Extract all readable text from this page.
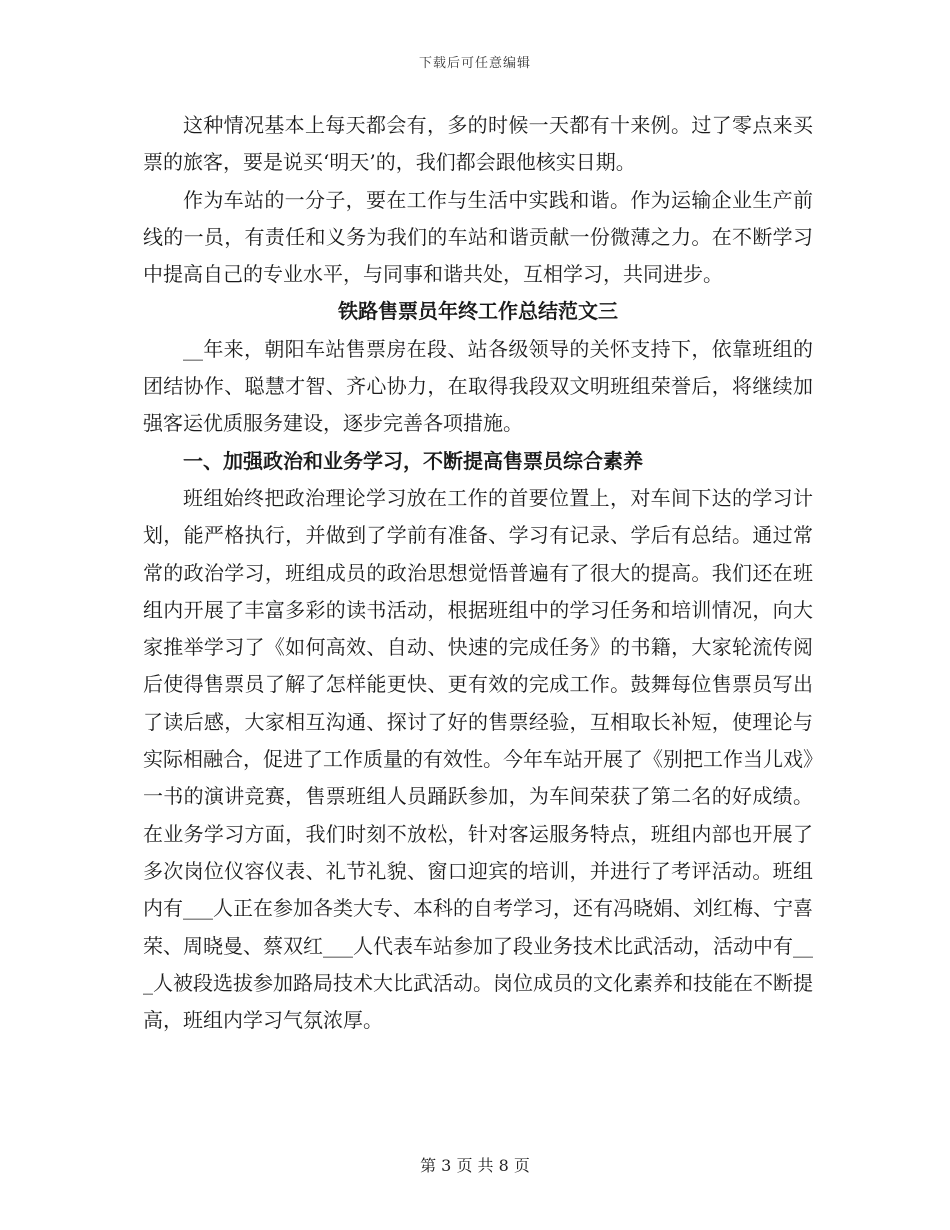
下载后可任意编辑

这种情况基本上每天都会有，多的时候一天都有十来例。过了零点来买票的旅客，要是说买‘明天’的，我们都会跟他核实日期。

作为车站的一分子，要在工作与生活中实践和谐。作为运输企业生产前线的一员，有责任和义务为我们的车站和谐贡献一份微薄之力。在不断学习中提高自己的专业水平，与同事和谐共处，互相学习，共同进步。

铁路售票员年终工作总结范文三

__年来，朝阳车站售票房在段、站各级领导的关怀支持下，依靠班组的团结协作、聪慧才智、齐心协力，在取得我段双文明班组荣誉后，将继续加强客运优质服务建设，逐步完善各项措施。

一、加强政治和业务学习，不断提高售票员综合素养

班组始终把政治理论学习放在工作的首要位置上，对车间下达的学习计划，能严格执行，并做到了学前有准备、学习有记录、学后有总结。通过常常的政治学习，班组成员的政治思想觉悟普遍有了很大的提高。我们还在班组内开展了丰富多彩的读书活动，根据班组中的学习任务和培训情况，向大家推举学习了《如何高效、自动、快速的完成任务》的书籍，大家轮流传阅后使得售票员了解了怎样能更快、更有效的完成工作。鼓舞每位售票员写出了读后感，大家相互沟通、探讨了好的售票经验，互相取长补短，使理论与实际相融合，促进了工作质量的有效性。今年车站开展了《别把工作当儿戏》一书的演讲竞赛，售票班组人员踊跃参加，为车间荣获了第二名的好成绩。在业务学习方面，我们时刻不放松，针对客运服务特点，班组内部也开展了多次岗位仪容仪表、礼节礼貌、窗口迎宾的培训，并进行了考评活动。班组内有___人正在参加各类大专、本科的自考学习，还有冯晓娟、刘红梅、宁喜荣、周晓曼、蔡双红___人代表车站参加了段业务技术比武活动，活动中有___人被段选拔参加路局技术大比武活动。岗位成员的文化素养和技能在不断提高，班组内学习气氛浓厚。

第 3 页 共 8 页
